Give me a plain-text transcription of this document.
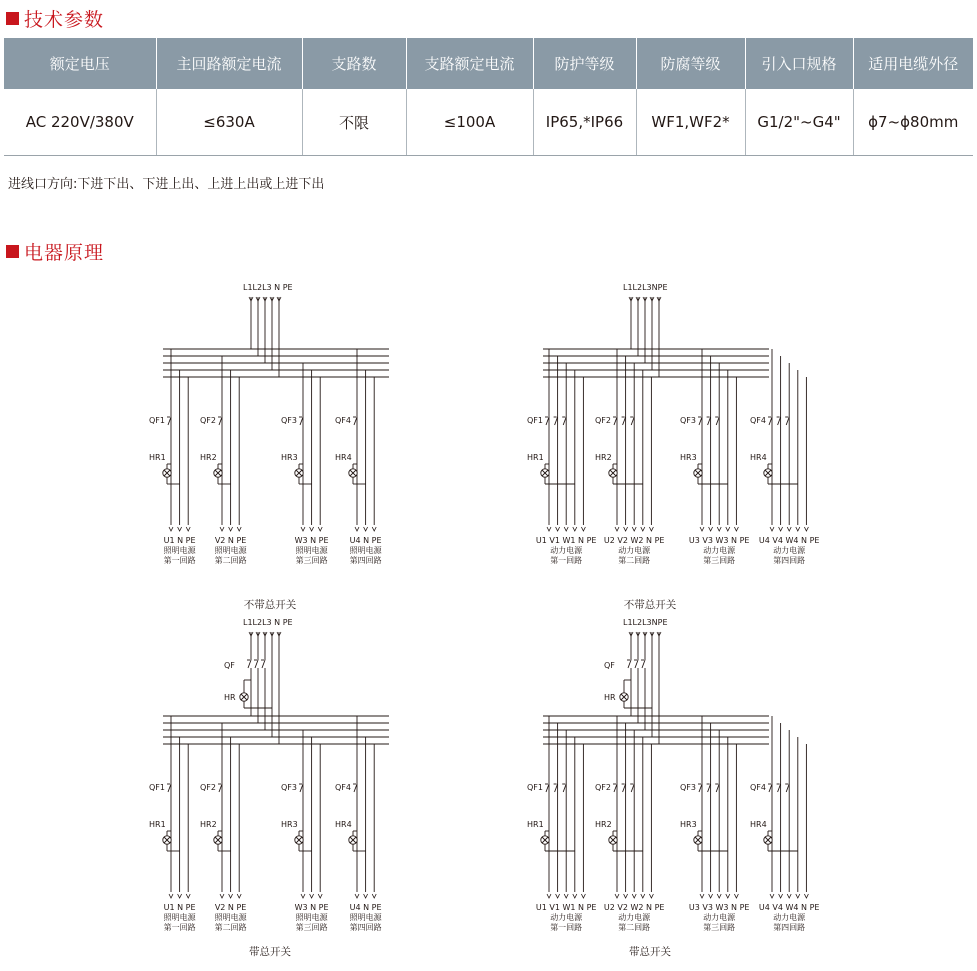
技术参数
额定电压	主回路额定电流	支路数	支路额定电流	防护等级	防腐等级	引入口规格	适用电缆外径
AC 220V/380V	≤630A	不限	≤100A	IP65,*IP66	WF1,WF2*	G1/2"~G4"	ϕ7~ϕ80mm
进线口方向:下进下出、下进上出、上进上出或上进下出
电器原理
L1L2L3 N PE
QF1
HR1
U1 N PE
照明电源
第一回路
QF2
HR2
V2 N PE
照明电源
第二回路
QF3
HR3
W3 N PE
照明电源
第三回路
QF4
HR4
U4 N PE
照明电源
第四回路
不带总开关
L1L2L3NPE
QF1
HR1
U1 V1 W1 N PE
动力电源
第一回路
QF2
HR2
U2 V2 W2 N PE
动力电源
第二回路
QF3
HR3
U3 V3 W3 N PE
动力电源
第三回路
QF4
HR4
U4 V4 W4 N PE
动力电源
第四回路
不带总开关
L1L2L3 N PE
QF
HR
QF1
HR1
U1 N PE
照明电源
第一回路
QF2
HR2
V2 N PE
照明电源
第二回路
QF3
HR3
W3 N PE
照明电源
第三回路
QF4
HR4
U4 N PE
照明电源
第四回路
带总开关
L1L2L3NPE
QF
HR
QF1
HR1
U1 V1 W1 N PE
动力电源
第一回路
QF2
HR2
U2 V2 W2 N PE
动力电源
第二回路
QF3
HR3
U3 V3 W3 N PE
动力电源
第三回路
QF4
HR4
U4 V4 W4 N PE
动力电源
第四回路
带总开关
